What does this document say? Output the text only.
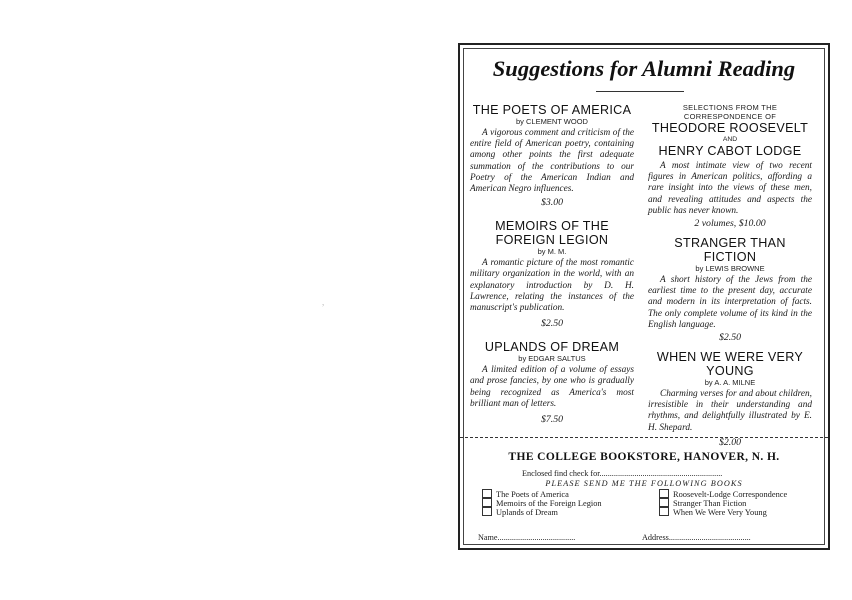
,
Suggestions for Alumni Reading
THE POETS OF AMERICA
by CLEMENT WOOD
A vigorous comment and criticism of the entire field of American poetry, containing among other points the first adequate summation of the contributions to our Poetry of the American Indian and American Negro influences.
$3.00
MEMOIRS OF THE FOREIGN LEGION
by M. M.
A romantic picture of the most romantic military organization in the world, with an explanatory introduction by D. H. Lawrence, relating the instances of the manuscript's publication.
$2.50
UPLANDS OF DREAM
by EDGAR SALTUS
A limited edition of a volume of essays and prose fancies, by one who is gradually being recognized as America's most brilliant man of letters.
$7.50
SELECTIONS FROM THE CORRESPONDENCE OF
THEODORE ROOSEVELT
AND
HENRY CABOT LODGE
A most intimate view of two recent figures in American politics, affording a rare insight into the views of these men, and revealing attitudes and aspects the public has never known.
2 volumes, $10.00
STRANGER THAN FICTION
by LEWIS BROWNE
A short history of the Jews from the earliest time to the present day, accurate and modern in its interpretation of facts. The only complete volume of its kind in the English language.
$2.50
WHEN WE WERE VERY YOUNG
by A. A. MILNE
Charming verses for and about children, irresistible in their understanding and rhythms, and delightfully illustrated by E. H. Shepard.
$2.00
THE COLLEGE BOOKSTORE, HANOVER, N. H.
Enclosed find check for............................................................
PLEASE SEND ME THE FOLLOWING BOOKS
The Poets of America
Memoirs of the Foreign Legion
Uplands of Dream
Roosevelt-Lodge Correspondence
Stranger Than Fiction
When We Were Very Young
Name......................................	Address........................................
